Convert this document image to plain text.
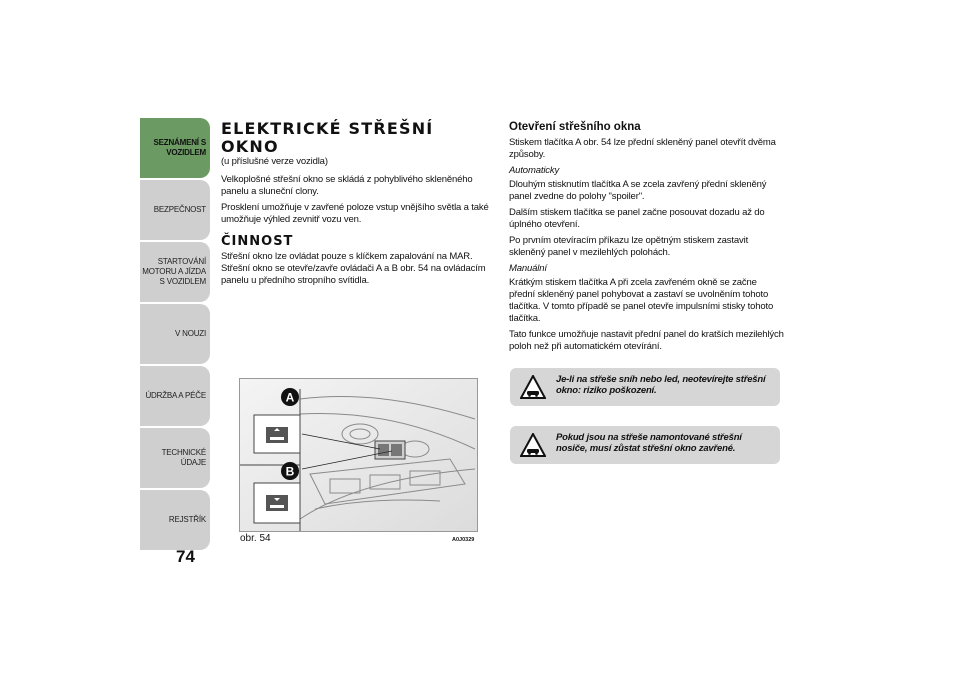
SEZNÁMENÍ S VOZIDLEM
BEZPEČNOST
STARTOVÁNÍ MOTORU A JÍZDA S VOZIDLEM
V NOUZI
ÚDRŽBA A PÉČE
TECHNICKÉ ÚDAJE
REJSTŘÍK
74
ELEKTRICKÉ STŘEŠNÍ OKNO

(u příslušné verze vozidla)

Velkoplošné střešní okno se skládá z pohyblivého skleněného panelu a sluneční clony.

Prosklení umožňuje v zavřené poloze vstup vnějšího světla a také umožňuje výhled zevnitř vozu ven.

ČINNOST

Střešní okno lze ovládat pouze s klíčkem zapalování na MAR. Střešní okno se otevře/zavře ovládači A a B obr. 54 na ovládacím panelu u předního stropního svítidla.

A
B
obr. 54	A0J0329
Otevření střešního okna

Stiskem tlačítka A obr. 54 lze přední skleněný panel otevřít dvěma způsoby.

Automaticky

Dlouhým stisknutím tlačítka A se zcela zavřený přední skleněný panel zvedne do polohy "spoiler".

Dalším stiskem tlačítka se panel začne posouvat dozadu až do úplného otevření.

Po prvním otevíracím příkazu lze opětným stiskem zastavit skleněný panel v mezilehlých polohách.

Manuální

Krátkým stiskem tlačítka A při zcela zavřeném okně se začne přední skleněný panel pohybovat a zastaví se uvolněním tohoto tlačítka. V tomto případě se panel otevře impulsními stisky tohoto tlačítka.

Tato funkce umožňuje nastavit přední panel do kratších mezilehlých poloh než při automatickém otevírání.

Je-li na střeše sníh nebo led, neotevírejte střešní okno: riziko poškození.
Pokud jsou na střeše namontované střešní nosiče, musí zůstat střešní okno zavřené.
